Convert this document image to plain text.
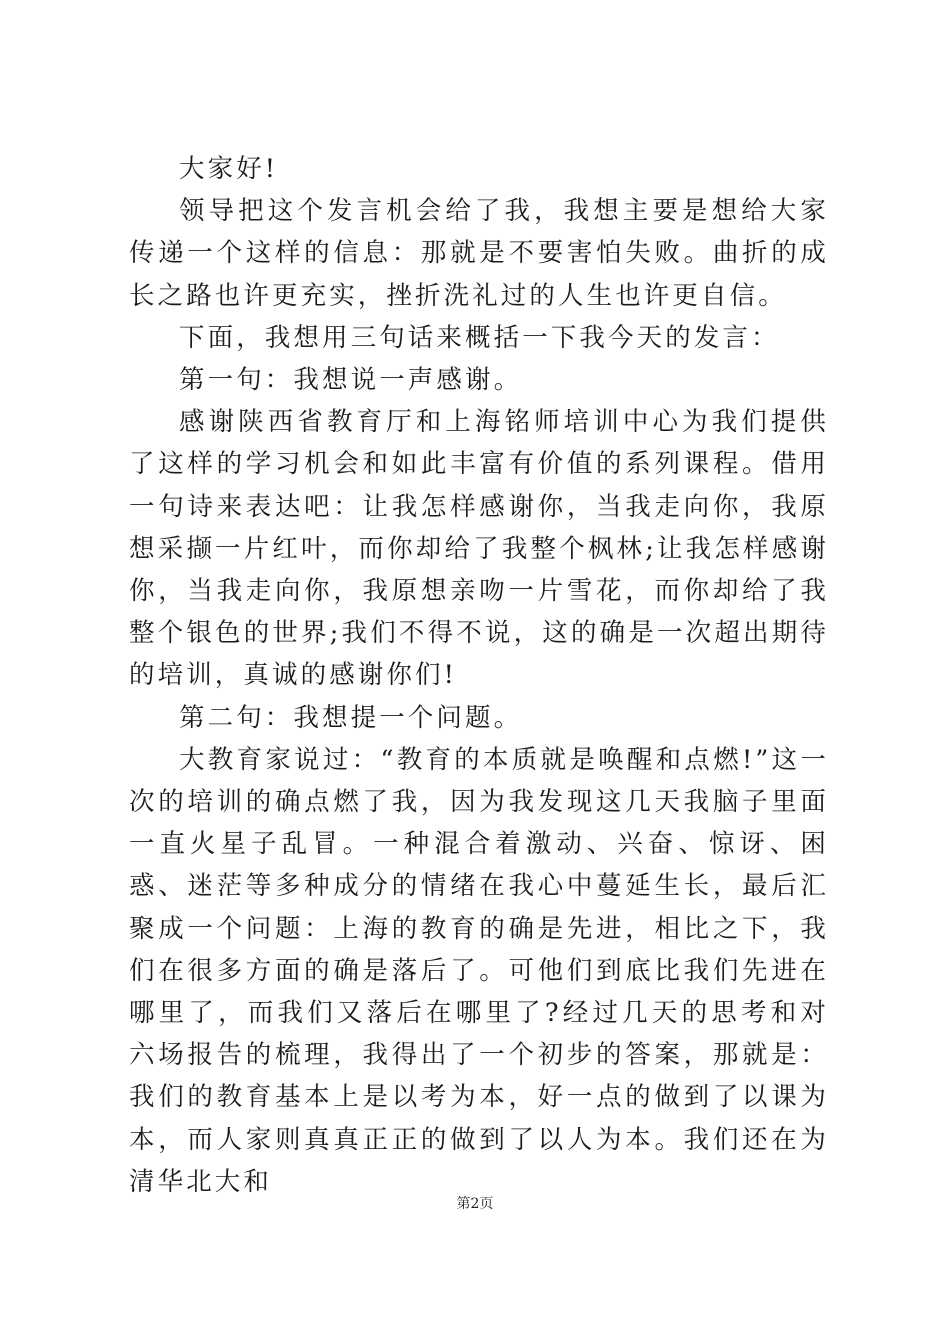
大家好!

领导把这个发言机会给了我，我想主要是想给大家传递一个这样的信息：那就是不要害怕失败。曲折的成长之路也许更充实，挫折洗礼过的人生也许更自信。

下面，我想用三句话来概括一下我今天的发言：

第一句：我想说一声感谢。

感谢陕西省教育厅和上海铭师培训中心为我们提供了这样的学习机会和如此丰富有价值的系列课程。借用一句诗来表达吧：让我怎样感谢你，当我走向你，我原想采撷一片红叶，而你却给了我整个枫林;让我怎样感谢你，当我走向你，我原想亲吻一片雪花，而你却给了我整个银色的世界;我们不得不说，这的确是一次超出期待的培训，真诚的感谢你们!

第二句：我想提一个问题。

大教育家说过：“教育的本质就是唤醒和点燃!”这一次的培训的确点燃了我，因为我发现这几天我脑子里面一直火星子乱冒。一种混合着激动、兴奋、惊讶、困惑、迷茫等多种成分的情绪在我心中蔓延生长，最后汇聚成一个问题：上海的教育的确是先进，相比之下，我们在很多方面的确是落后了。可他们到底比我们先进在哪里了，而我们又落后在哪里了?经过几天的思考和对六场报告的梳理，我得出了一个初步的答案，那就是：我们的教育基本上是以考为本，好一点的做到了以课为本，而人家则真真正正的做到了以人为本。我们还在为清华北大和

第2页
